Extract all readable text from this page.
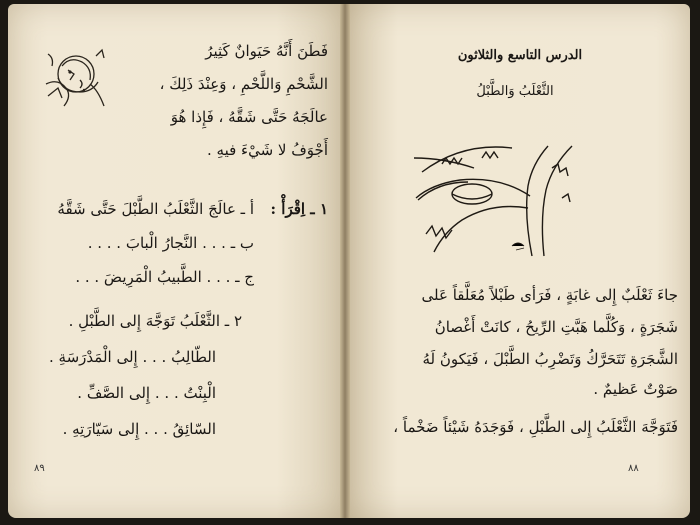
فَطَنَ أَنَّهُ حَيَوانٌ كَثِيرُ
الشَّحْمِ وَاللَّحْمِ ، وَعِنْدَ ذَلِكَ ،
عالَجَهُ حَتَّى شَقَّهُ ، فَإِذا هُوَ
أَجْوَفُ لا شَيْءَ فيهِ .
١ ـ اِقْرَأْ :
أ ـ عالَجَ الثَّعْلَبُ الطَّبْلَ حَتَّى شَقَّهُ
ب ـ . . . النَّجارُ الْبابَ . . . .
ج ـ . . . الطَّبيبُ الْمَرِيضَ . . .
٢ ـ الثَّعْلَبُ تَوَجَّهَ إِلى الطَّبْلِ .
الطّالِبُ . . . إِلى الْمَدْرَسَةِ .
الْبِنْتُ . . . إِلى الصَّفِّ .
السّائِقُ . . . إِلى سَيّارَتِهِ .
٨٩
الدرس التاسع والثلاثون
الثَّعْلَبُ وَالطَّبْلُ
جاءَ ثَعْلَبٌ إِلى غابَةٍ ، فَرَأى طَبْلاً مُعَلَّقاً عَلى
شَجَرَةٍ ، وَكُلَّما هَبَّتِ الرِّيحُ ، كانَتْ أَغْصانُ
الشَّجَرَةِ تَتَحَرَّكُ وَتَضْرِبُ الطَّبْلَ ، فَيَكونُ لَهُ
صَوْتٌ عَظيمٌ .
فَتَوَجَّهَ الثَّعْلَبُ إِلى الطَّبْلِ ، فَوَجَدَهُ شَيْئاً ضَخْماً ،
٨٨
